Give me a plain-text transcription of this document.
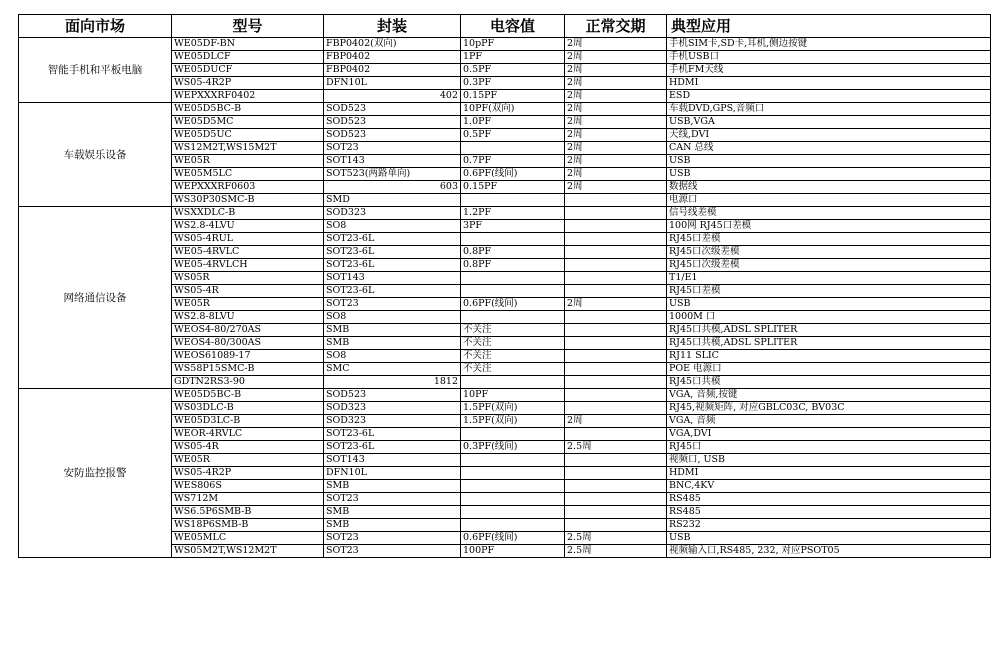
面向市场	型号	封装	电容值	正常交期	典型应用
智能手机和平板电脑	WE05DF-BN	FBP0402(双向)	10pPF	2周	手机SIM卡,SD卡,耳机,侧边按键
	WE05DLCF	FBP0402	1PF	2周	手机USB口
	WE05DUCF	FBP0402	0.5PF	2周	手机FM天线
	WS05-4R2P	DFN10L	0.3PF	2周	HDMI
	WEPXXXRF0402	402	0.15PF	2周	ESD
车载娱乐设备	WE05D5BC-B	SOD523	10PF(双向)	2周	车载DVD,GPS,音频口
	WE05D5MC	SOD523	1.0PF	2周	USB,VGA
	WE05D5UC	SOD523	0.5PF	2周	天线,DVI
	WS12M2T,WS15M2T	SOT23		2周	CAN 总线
	WE05R	SOT143	0.7PF	2周	USB
	WE05M5LC	SOT523(两路单向)	0.6PF(线间)	2周	USB
	WEPXXXRF0603	603	0.15PF	2周	数据线
	WS30P30SMC-B	SMD			电源口
网络通信设备	WSXXDLC-B	SOD323	1.2PF		信号线差模
	WS2.8-4LVU	SO8	3PF		100网 RJ45口差模
	WS05-4RUL	SOT23-6L			RJ45口差模
	WE05-4RVLC	SOT23-6L	0.8PF		RJ45口次级差模
	WE05-4RVLCH	SOT23-6L	0.8PF		RJ45口次级差模
	WS05R	SOT143			T1/E1
	WS05-4R	SOT23-6L			RJ45口差模
	WE05R	SOT23	0.6PF(线间)	2周	USB
	WS2.8-8LVU	SO8			1000M 口
	WEOS4-80/270AS	SMB	不关注		RJ45口共模,ADSL SPLITER
	WEOS4-80/300AS	SMB	不关注		RJ45口共模,ADSL SPLITER
	WEOS61089-17	SO8	不关注		RJ11 SLIC
	WS58P15SMC-B	SMC	不关注		POE 电源口
	GDTN2RS3-90	1812			RJ45口共模
安防监控报警	WE05D5BC-B	SOD523	10PF		VGA, 音频,按键
	WS03DLC-B	SOD323	1.5PF(双向)		RJ45,视频矩阵, 对应GBLC03C, BV03C
	WE05D3LC-B	SOD323	1.5PF(双向)	2周	VGA, 音频
	WEOR-4RVLC	SOT23-6L			VGA,DVI
	WS05-4R	SOT23-6L	0.3PF(线间)	2.5周	RJ45口
	WE05R	SOT143			视频口, USB
	WS05-4R2P	DFN10L			HDMI
	WES806S	SMB			BNC,4KV
	WS712M	SOT23			RS485
	WS6.5P6SMB-B	SMB			RS485
	WS18P6SMB-B	SMB			RS232
	WE05MLC	SOT23	0.6PF(线间)	2.5周	USB
	WS05M2T,WS12M2T	SOT23	100PF	2.5周	视频输入口,RS485, 232, 对应PSOT05
